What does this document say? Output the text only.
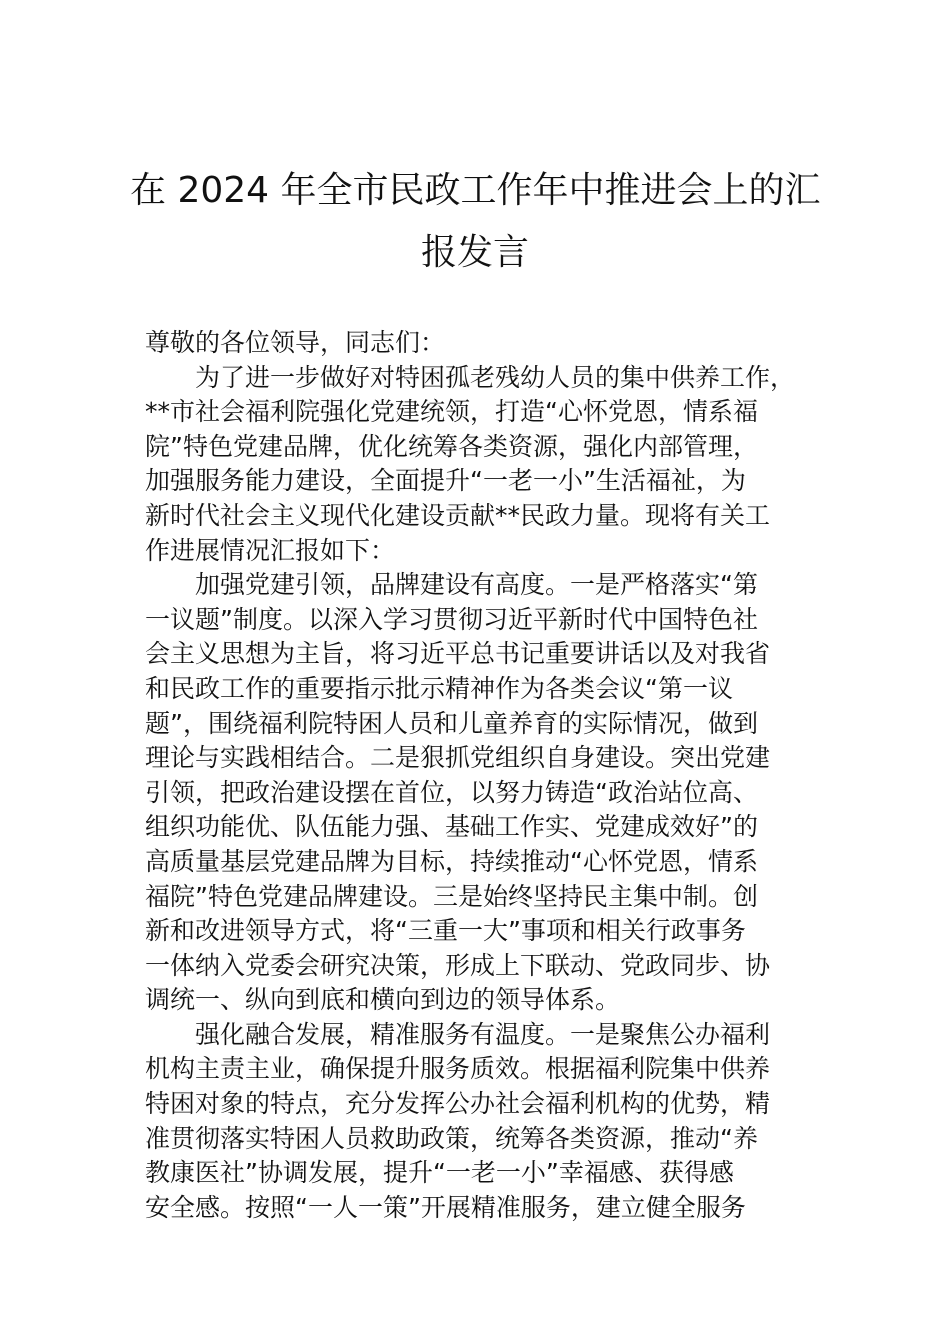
在 2024 年全市民政工作年中推进会上的汇
报发言
尊敬的各位领导，同志们：
为了进一步做好对特困孤老残幼人员的集中供养工作，
**市社会福利院强化党建统领，打造“心怀党恩，情系福
院”特色党建品牌，优化统筹各类资源，强化内部管理，
加强服务能力建设，全面提升“一老一小”生活福祉，为
新时代社会主义现代化建设贡献**民政力量。现将有关工
作进展情况汇报如下：
加强党建引领，品牌建设有高度。一是严格落实“第
一议题”制度。以深入学习贯彻习近平新时代中国特色社
会主义思想为主旨，将习近平总书记重要讲话以及对我省
和民政工作的重要指示批示精神作为各类会议“第一议
题”，围绕福利院特困人员和儿童养育的实际情况，做到
理论与实践相结合。二是狠抓党组织自身建设。突出党建
引领，把政治建设摆在首位，以努力铸造“政治站位高、
组织功能优、队伍能力强、基础工作实、党建成效好”的
高质量基层党建品牌为目标，持续推动“心怀党恩，情系
福院”特色党建品牌建设。三是始终坚持民主集中制。创
新和改进领导方式，将“三重一大”事项和相关行政事务
一体纳入党委会研究决策，形成上下联动、党政同步、协
调统一、纵向到底和横向到边的领导体系。
强化融合发展，精准服务有温度。一是聚焦公办福利
机构主责主业，确保提升服务质效。根据福利院集中供养
特困对象的特点，充分发挥公办社会福利机构的优势，精
准贯彻落实特困人员救助政策，统筹各类资源，推动“养
教康医社”协调发展，提升“一老一小”幸福感、获得感
安全感。按照“一人一策”开展精准服务，建立健全服务
